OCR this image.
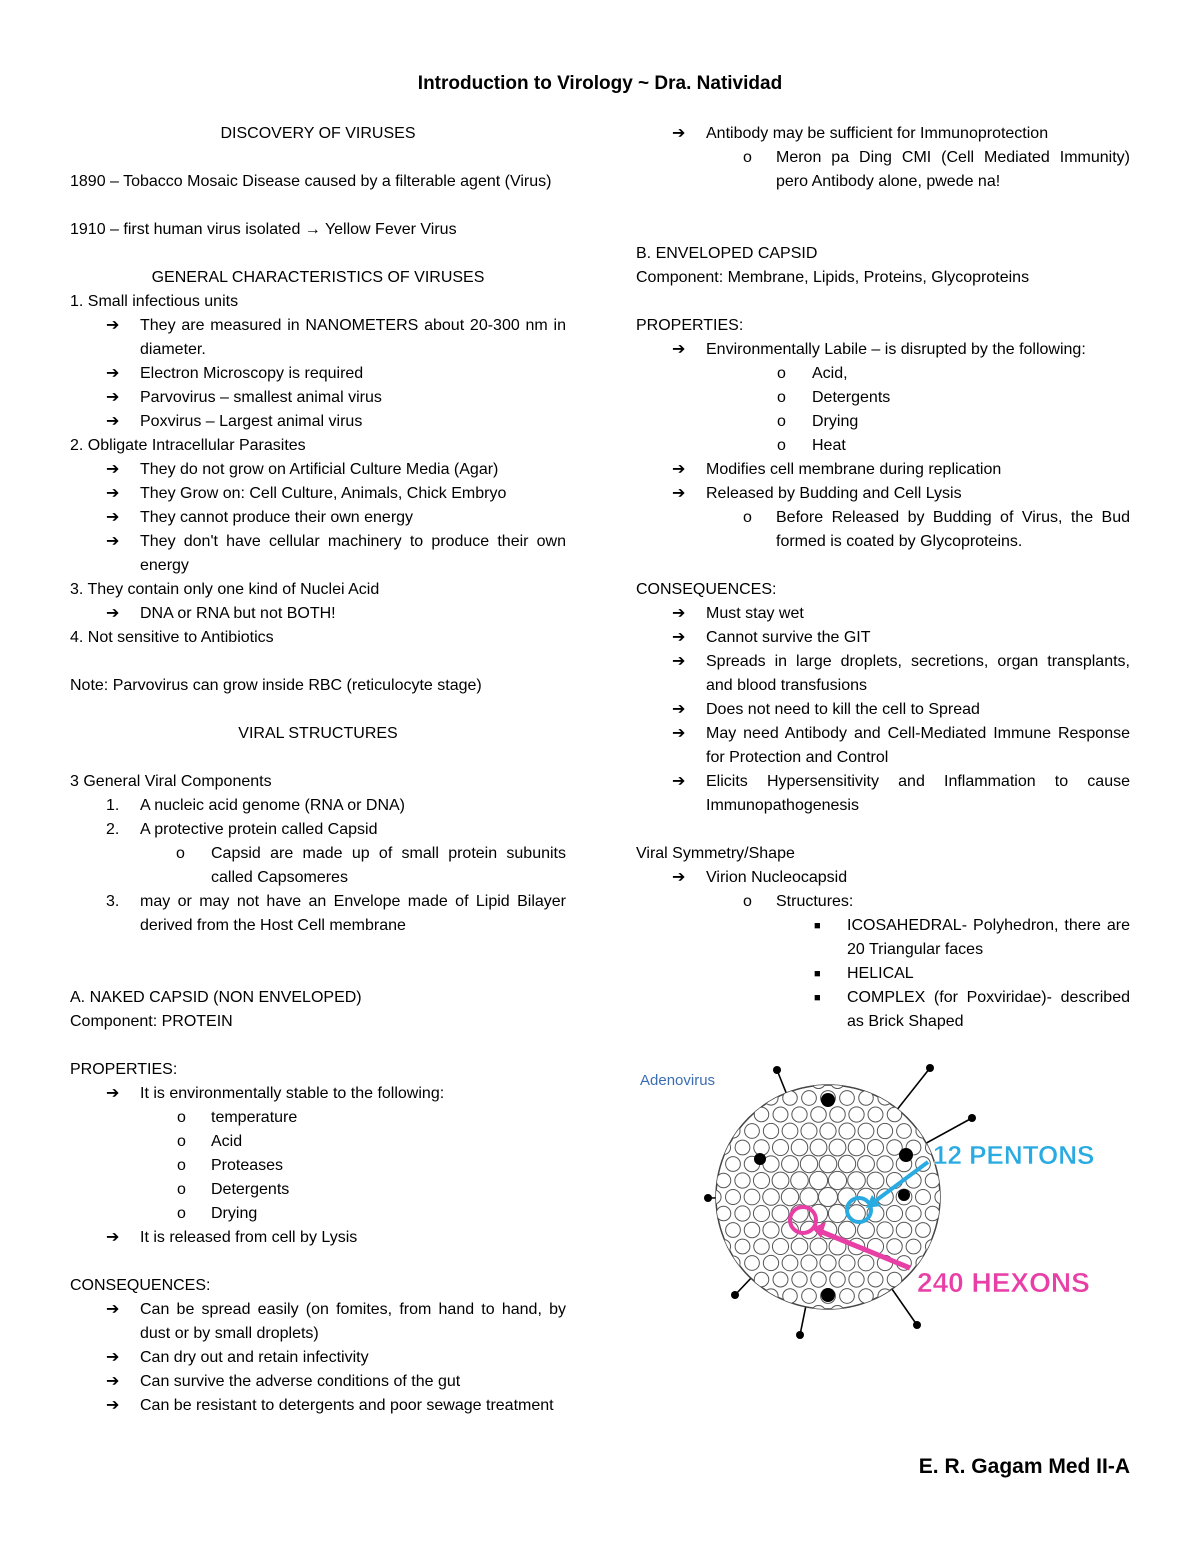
Introduction to Virology ~ Dra. Natividad
DISCOVERY OF VIRUSES
1890 – Tobacco Mosaic Disease caused by a filterable agent (Virus)
1910 – first human virus isolated → Yellow Fever Virus
GENERAL CHARACTERISTICS OF VIRUSES
1. Small infectious units
➔ They are measured in NANOMETERS about 20-300 nm in diameter.
➔ Electron Microscopy is required
➔ Parvovirus – smallest animal virus
➔ Poxvirus – Largest animal virus
2. Obligate Intracellular Parasites
➔ They do not grow on Artificial Culture Media (Agar)
➔ They Grow on: Cell Culture, Animals, Chick Embryo
➔ They cannot produce their own energy
➔ They don't have cellular machinery to produce their own energy
3. They contain only one kind of Nuclei Acid
➔ DNA or RNA but not BOTH!
4. Not sensitive to Antibiotics
Note: Parvovirus can grow inside RBC (reticulocyte stage)
VIRAL STRUCTURES
3 General Viral Components
1. A nucleic acid genome (RNA or DNA)
2. A protective protein called Capsid
o Capsid are made up of small protein subunits called Capsomeres
3. may or may not have an Envelope made of Lipid Bilayer derived from the Host Cell membrane
A. NAKED CAPSID (NON ENVELOPED)
Component: PROTEIN
PROPERTIES:
➔ It is environmentally stable to the following:
o temperature
o Acid
o Proteases
o Detergents
o Drying
➔ It is released from cell by Lysis
CONSEQUENCES:
➔ Can be spread easily (on fomites, from hand to hand, by dust or by small droplets)
➔ Can dry out and retain infectivity
➔ Can survive the adverse conditions of the gut
➔ Can be resistant to detergents and poor sewage treatment
➔ Antibody may be sufficient for Immunoprotection
o Meron pa Ding CMI (Cell Mediated Immunity) pero Antibody alone, pwede na!
B. ENVELOPED CAPSID
Component: Membrane, Lipids, Proteins, Glycoproteins
PROPERTIES:
➔ Environmentally Labile – is disrupted by the following:
o Acid,
o Detergents
o Drying
o Heat
➔ Modifies cell membrane during replication
➔ Released by Budding and Cell Lysis
o Before Released by Budding of Virus, the Bud formed is coated by Glycoproteins.
CONSEQUENCES:
➔ Must stay wet
➔ Cannot survive the GIT
➔ Spreads in large droplets, secretions, organ transplants, and blood transfusions
➔ Does not need to kill the cell to Spread
➔ May need Antibody and Cell-Mediated Immune Response for Protection and Control
➔ Elicits Hypersensitivity and Inflammation to cause Immunopathogenesis
Viral Symmetry/Shape
➔ Virion Nucleocapsid
o Structures:
■ ICOSAHEDRAL- Polyhedron, there are 20 Triangular faces
■ HELICAL
■ COMPLEX (for Poxviridae)- described as Brick Shaped
Adenovirus
12 PENTONS
240 HEXONS
E. R. Gagam Med II-A
